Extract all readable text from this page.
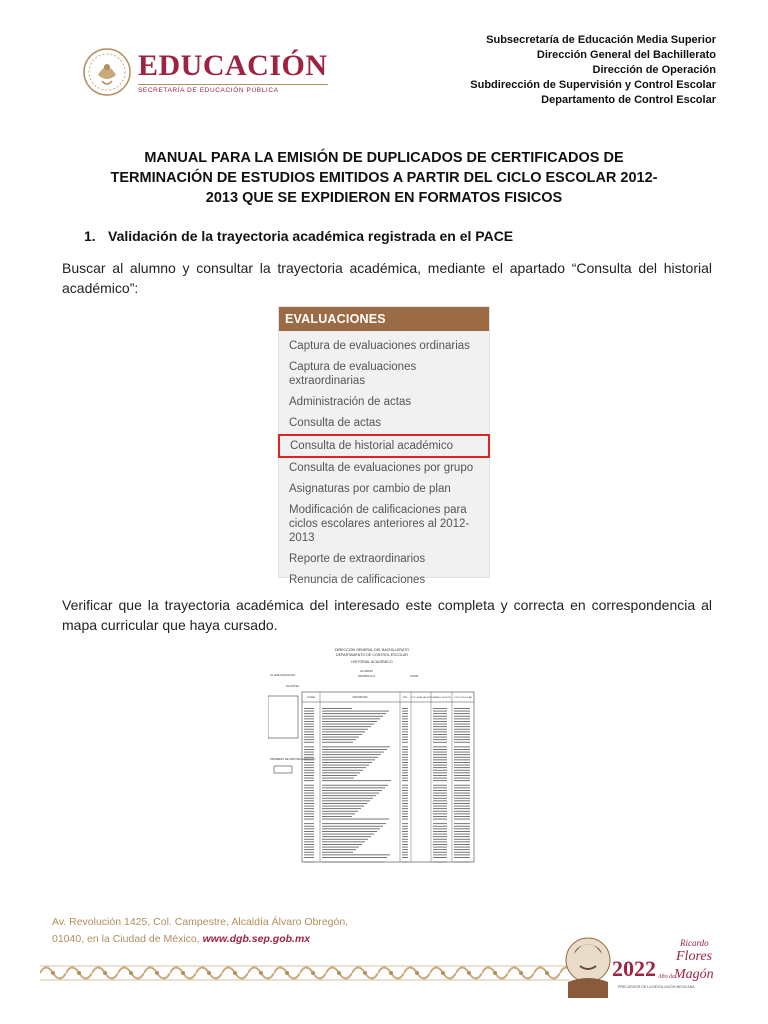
EDUCACIÓN
SECRETARÍA DE EDUCACIÓN PÚBLICA
Subsecretaría de Educación Media Superior
Dirección General del Bachillerato
Dirección de Operación
Subdirección de Supervisión y Control Escolar
Departamento de Control Escolar
MANUAL PARA LA EMISIÓN DE DUPLICADOS DE CERTIFICADOS DE
TERMINACIÓN DE ESTUDIOS EMITIDOS A PARTIR DEL CICLO ESCOLAR 2012-
2013 QUE SE EXPIDIERON EN FORMATOS FISICOS
1. Validación de la trayectoria académica registrada en el PACE

Buscar al alumno y consultar la trayectoria académica, mediante el apartado “Consulta del historial académico”:

EVALUACIONES
Captura de evaluaciones ordinarias
Captura de evaluaciones extraordinarias
Administración de actas
Consulta de actas
Consulta de historial académico
Consulta de evaluaciones por grupo
Asignaturas por cambio de plan
Modificación de calificaciones para ciclos escolares anteriores al 2012-2013
Reporte de extraordinarios
Renuncia de calificaciones

Verificar que la trayectoria académica del interesado este completa y correcta en correspondencia al mapa curricular que haya cursado.

DIRECCIÓN GENERAL DEL BACHILLERATO
DEPARTAMENTO DE CONTROL ESCOLAR
HISTORIAL ACADÉMICO
CLAVE ESCOLAR
PLANTEL
ALUMNO
MATRÍCULA	CURP
PROMEDIO DE APROVECHAMIENTO
CLAVE	ASIGNATURA	CAL	TIPO EVALUACIÓN NÚMERO DE ACTA CICLO ESCOLAR
Av. Revolución 1425, Col. Campestre, Alcaldía Álvaro Obregón,
01040, en la Ciudad de México, www.dgb.sep.gob.mx
2022 Año de
Ricardo
Flores
Magón
PRECURSOR DE LA REVOLUCIÓN MEXICANA
